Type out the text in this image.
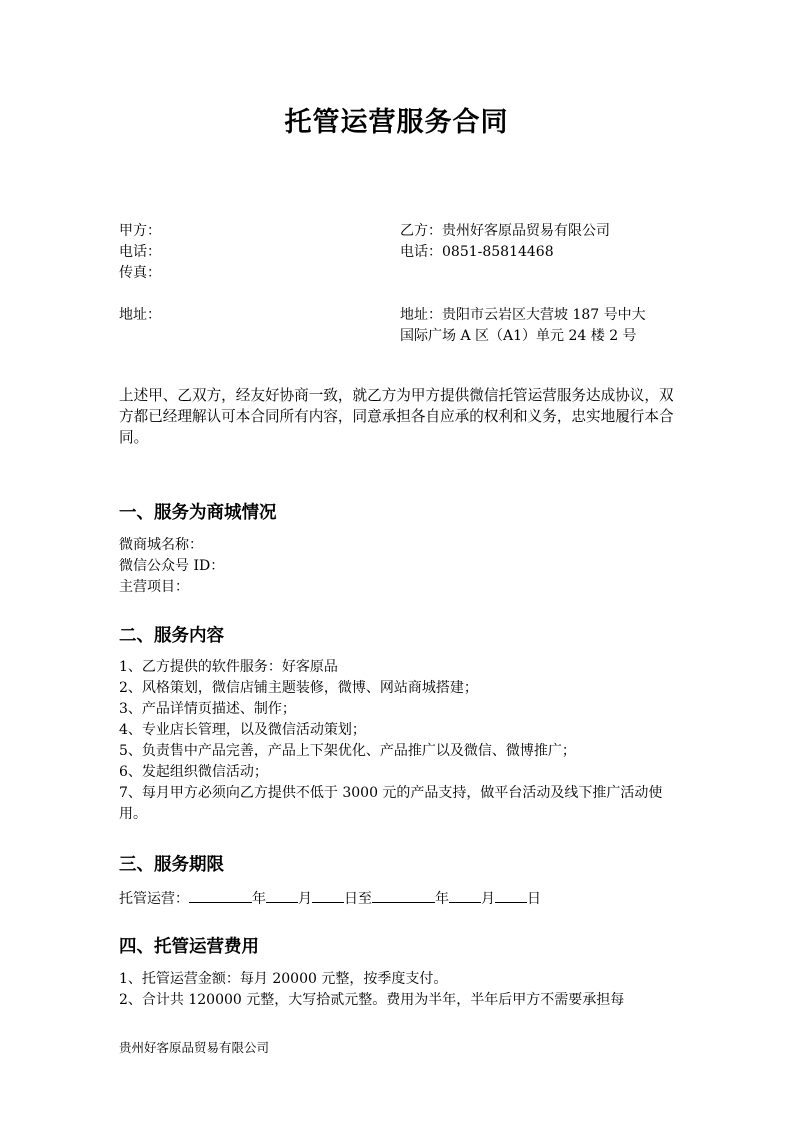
托管运营服务合同
甲方：
电话：
传真：
地址：
乙方：贵州好客原品贸易有限公司
电话：0851-85814468
地址：贵阳市云岩区大营坡 187 号中大
国际广场 A 区（A1）单元 24 楼 2 号
上述甲、乙双方，经友好协商一致，就乙方为甲方提供微信托管运营服务达成协议，双方都已经理解认可本合同所有内容，同意承担各自应承的权利和义务，忠实地履行本合同。
一、服务为商城情况
微商城名称：
微信公众号 ID：
主营项目：
二、服务内容
1、乙方提供的软件服务：好客原品
2、风格策划，微信店铺主题装修，微博、网站商城搭建；
3、产品详情页描述、制作；
4、专业店长管理，以及微信活动策划；
5、负责售中产品完善，产品上下架优化、产品推广以及微信、微博推广；
6、发起组织微信活动；
7、每月甲方必须向乙方提供不低于 3000 元的产品支持，做平台活动及线下推广活动使用。
三、服务期限
托管运营：	年 月 日至	年 月 日
四、托管运营费用
1、托管运营金额：每月 20000 元整，按季度支付。
2、合计共 120000 元整，大写拾贰元整。费用为半年，半年后甲方不需要承担每
贵州好客原品贸易有限公司
